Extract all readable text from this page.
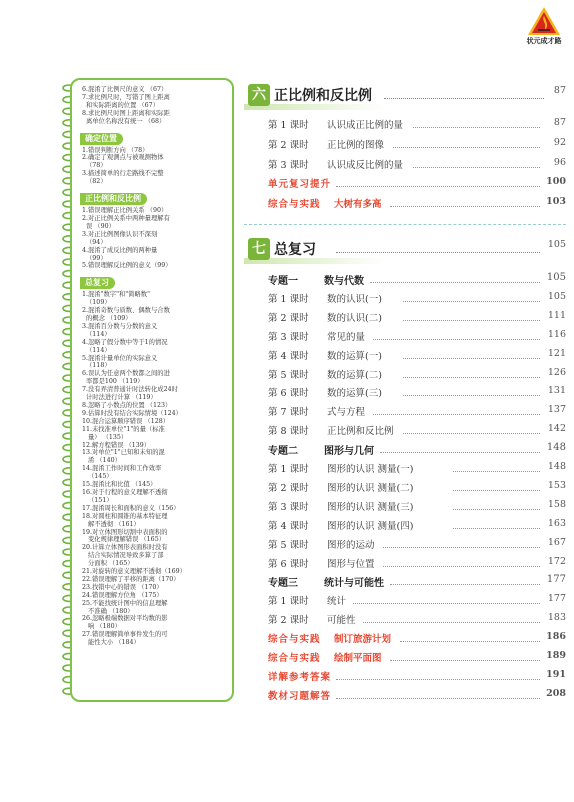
状元成才路
6.混淆了比例尺的意义 （67）
7.求比例尺时，写错了图上距离
和实际距离的位置 （67）
8.求比例尺时图上距离和实际距
离单位名称没有统一 （68）
确定位置
1.错误判断方向 （78）
2.确定了观测点与被观测物体
（78）
3.描述简单的行走路线不完整
（82）
正比例和反比例
1.错误理解正比例关系 （90）
2.对正比例关系中两种量理解有
误 （90）
3.对正比例图像认识不深刻
（94）
4.混淆了成反比例的两种量
（99）
5.错误理解反比例的意义（99）
总复习
1.混淆"数字"和"简略数"
（109）
2.混淆奇数与质数、偶数与合数
的概念 （109）
3.混淆百分数与分数的意义
（114）
4.忽略了假分数中等于1的情况
（114）
5.混淆计量单位的实际意义
（118）
6.误认为任意两个数都之间的进
率都是100 （119）
7.没有弄清普通计时法转化成24时
计时法进行计算 （119）
8.忽略了小数点的位置 （123）
9.估算时没有结合实际情境（124）
10.混合运算顺序错误 （128）
11.未找准单位"1"的量（标准
量） （135）
12.解方程错误 （139）
13.对单位"1"已知和未知的混
淆 （140）
14.混淆工作时间和工作效率
（145）
15.混淆比和比值 （145）
16.对于行程的意义理解不透彻
（151）
17.混淆周长和面积的意义（156）
18.对圆柱和圆锥的基本特征理
解不透彻 （161）
19.对立体图形切割中表面积的
变化规律理解错误 （165）
20.计算立体图形表面积时没有
结合实际情况导致多算了部
分面积 （165）
21.对旋转的意义理解不透彻（169）
22.错误理解了平移的距离（170）
23.找错中心的错误 （170）
24.错误理解方位角 （175）
25.不能找统计图中的信息理解
不准确 （180）
26.忽略极端数据对平均数的影
响 （180）
27.错误理解简单事件发生的可
能性大小 （184）
六 正比例和反比例	87
第 1 课时 认识成正比例的量	87
第 2 课时 正比例的图像	92
第 3 课时 认识成反比例的量	96
单元复习提升	100
综合与实践 大树有多高	103
七 总复习	105
专题一	数与代数	105
第 1 课时 数的认识(一)	105
第 2 课时 数的认识(二)	111
第 3 课时 常见的量	116
第 4 课时 数的运算(一)	121
第 5 课时 数的运算(二)	126
第 6 课时 数的运算(三)	131
第 7 课时 式与方程	137
第 8 课时 正比例和反比例	142
专题二	图形与几何	148
第 1 课时 图形的认识 测量(一)	148
第 2 课时 图形的认识 测量(二)	153
第 3 课时 图形的认识 测量(三)	158
第 4 课时 图形的认识 测量(四)	163
第 5 课时 图形的运动	167
第 6 课时 图形与位置	172
专题三	统计与可能性	177
第 1 课时 统计	177
第 2 课时 可能性	183
综合与实践 制订旅游计划	186
综合与实践 绘制平面图	189
详解参考答案	191
教材习题解答	208
